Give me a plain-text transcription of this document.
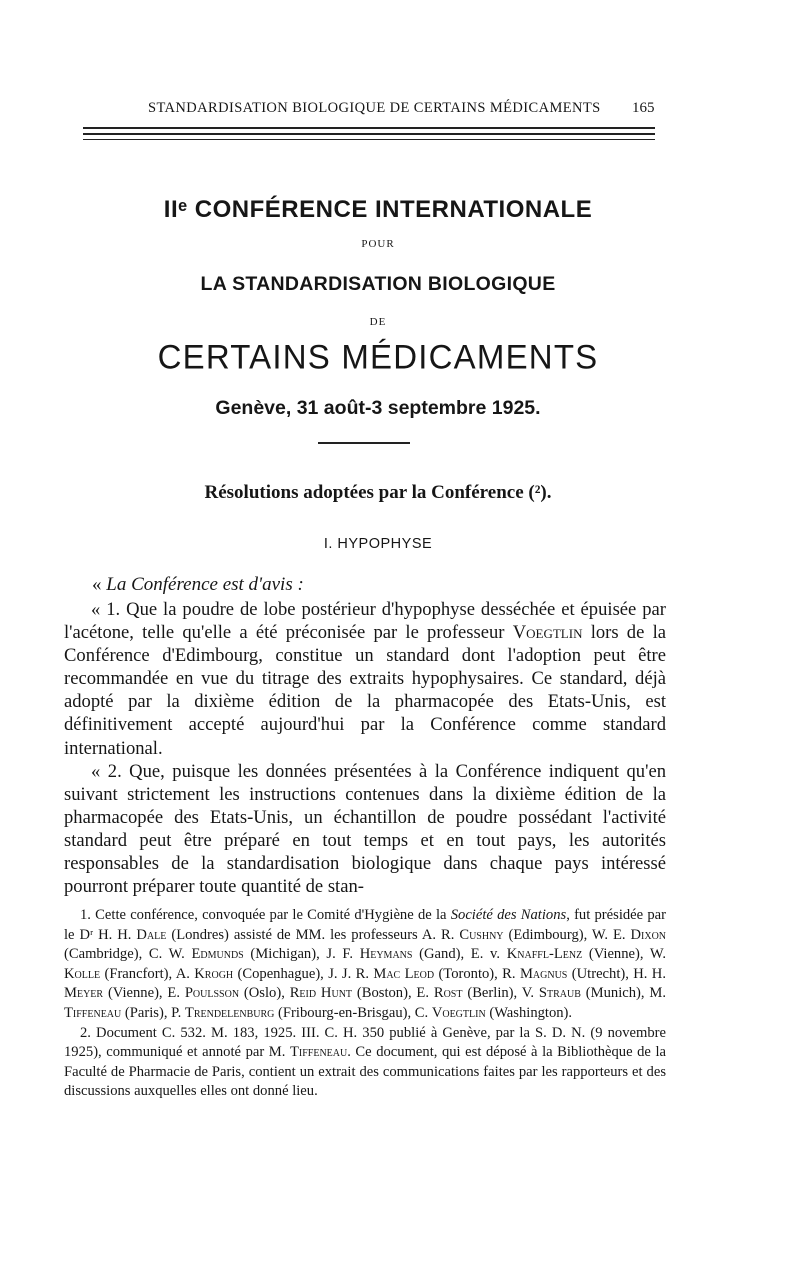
STANDARDISATION BIOLOGIQUE DE CERTAINS MÉDICAMENTS 165
IIᵉ CONFÉRENCE INTERNATIONALE
POUR
LA STANDARDISATION BIOLOGIQUE
DE
CERTAINS MÉDICAMENTS
Genève, 31 août-3 septembre 1925.
Résolutions adoptées par la Conférence (²).
I. HYPOPHYSE
« La Conférence est d'avis :

« 1. Que la poudre de lobe postérieur d'hypophyse desséchée et épuisée par l'acétone, telle qu'elle a été préconisée par le professeur Voegtlin lors de la Conférence d'Edimbourg, constitue un standard dont l'adoption peut être recommandée en vue du titrage des extraits hypophysaires. Ce standard, déjà adopté par la dixième édition de la pharmacopée des Etats-Unis, est définitivement accepté aujourd'hui par la Conférence comme standard international.

« 2. Que, puisque les données présentées à la Conférence indiquent qu'en suivant strictement les instructions contenues dans la dixième édition de la pharmacopée des Etats-Unis, un échantillon de poudre possédant l'activité standard peut être préparé en tout temps et en tout pays, les autorités responsables de la standardisation biologique dans chaque pays intéressé pourront préparer toute quantité de stan-

1. Cette conférence, convoquée par le Comité d'Hygiène de la Société des Nations, fut présidée par le Dʳ H. H. Dale (Londres) assisté de MM. les professeurs A. R. Cushny (Edimbourg), W. E. Dixon (Cambridge), C. W. Edmunds (Michigan), J. F. Heymans (Gand), E. v. Knaffl-Lenz (Vienne), W. Kolle (Francfort), A. Krogh (Copenhague), J. J. R. Mac Leod (Toronto), R. Magnus (Utrecht), H. H. Meyer (Vienne), E. Poulsson (Oslo), Reid Hunt (Boston), E. Rost (Berlin), V. Straub (Munich), M. Tiffeneau (Paris), P. Trendelenburg (Fribourg-en-Brisgau), C. Voegtlin (Washington).

2. Document C. 532. M. 183, 1925. III. C. H. 350 publié à Genève, par la S. D. N. (9 novembre 1925), communiqué et annoté par M. Tiffeneau. Ce document, qui est déposé à la Bibliothèque de la Faculté de Pharmacie de Paris, contient un extrait des communications faites par les rapporteurs et des discussions auxquelles elles ont donné lieu.
